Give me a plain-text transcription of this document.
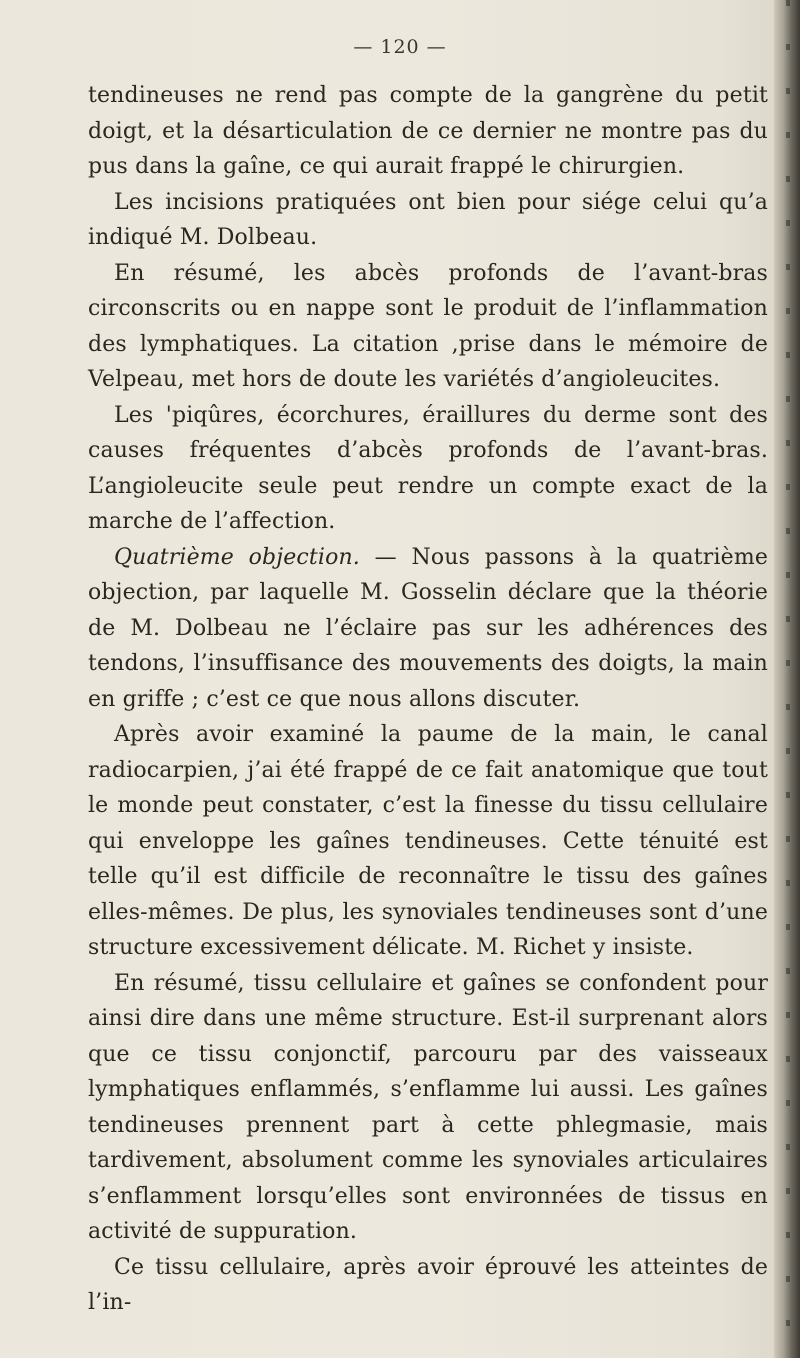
— 120 —

tendineuses ne rend pas compte de la gangrène du petit doigt, et la désarticulation de ce dernier ne montre pas du pus dans la gaîne, ce qui aurait frappé le chirurgien.

Les incisions pratiquées ont bien pour siége celui qu’a indiqué M. Dolbeau.

En résumé, les abcès profonds de l’avant-bras circonscrits ou en nappe sont le produit de l’inflammation des lymphatiques. La citation ,prise dans le mémoire de Velpeau, met hors de doute les variétés d’angioleucites.

Les 'piqûres, écorchures, éraillures du derme sont des causes fréquentes d’abcès profonds de l’avant-bras. L’angioleucite seule peut rendre un compte exact de la marche de l’affection.

Quatrième objection. — Nous passons à la quatrième objection, par laquelle M. Gosselin déclare que la théorie de M. Dolbeau ne l’éclaire pas sur les adhérences des tendons, l’insuffisance des mouvements des doigts, la main en griffe ; c’est ce que nous allons discuter.

Après avoir examiné la paume de la main, le canal radiocarpien, j’ai été frappé de ce fait anatomique que tout le monde peut constater, c’est la finesse du tissu cellulaire qui enveloppe les gaînes tendineuses. Cette ténuité est telle qu’il est difficile de reconnaître le tissu des gaînes elles-mêmes. De plus, les synoviales tendineuses sont d’une structure excessivement délicate. M. Richet y insiste.

En résumé, tissu cellulaire et gaînes se confondent pour ainsi dire dans une même structure. Est-il surprenant alors que ce tissu conjonctif, parcouru par des vaisseaux lymphatiques enflammés, s’enflamme lui aussi. Les gaînes tendineuses prennent part à cette phlegmasie, mais tardivement, absolument comme les synoviales articulaires s’enflamment lorsqu’elles sont environnées de tissus en activité de suppuration.

Ce tissu cellulaire, après avoir éprouvé les atteintes de l’in-
